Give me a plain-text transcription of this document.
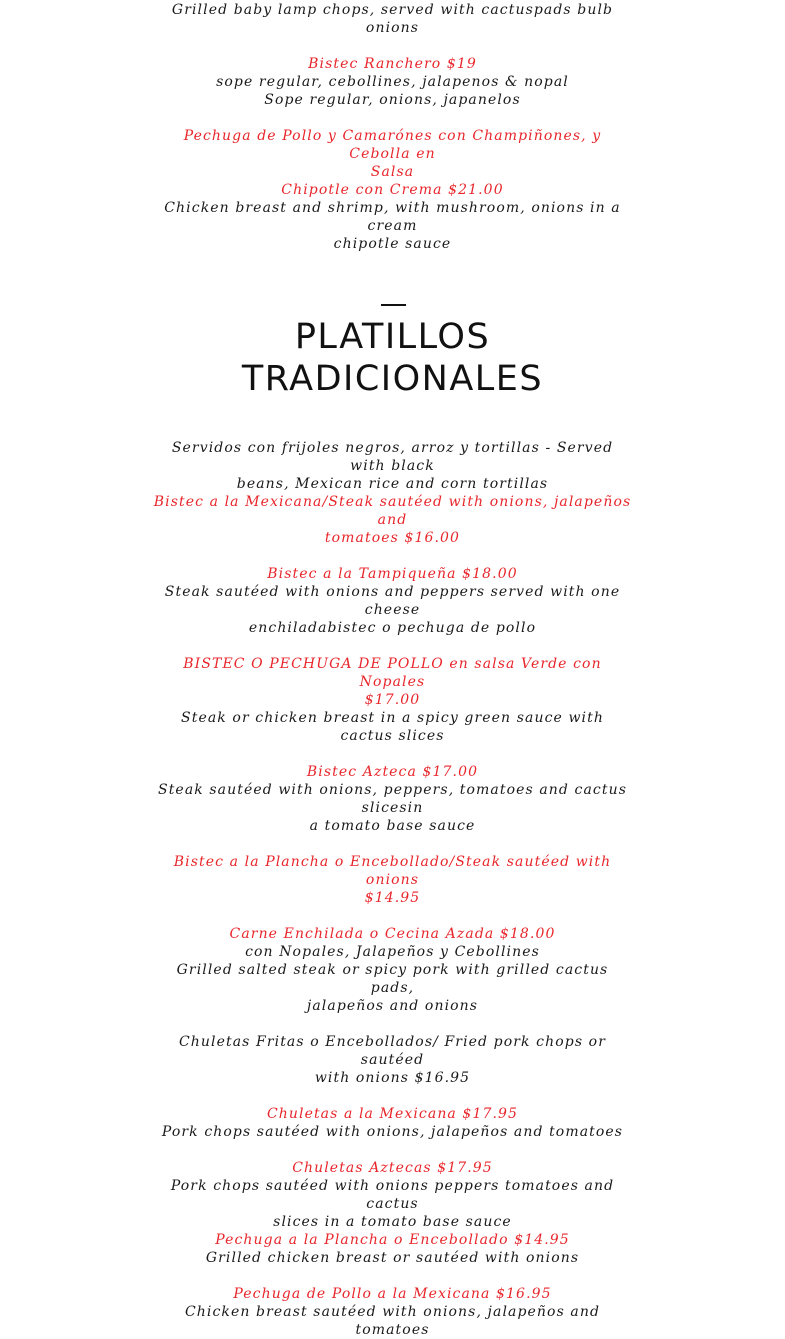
Grilled baby lamp chops, served with cactuspads bulb onions
Bistec Ranchero $19
sope regular, cebollines, jalapenos & nopal
Sope regular, onions, japanelos
Pechuga de Pollo y Camarónes con Champiñones, y Cebolla en
Salsa
Chipotle con Crema $21.00
Chicken breast and shrimp, with mushroom, onions in a cream
chipotle sauce
PLATILLOS
TRADICIONALES
Servidos con frijoles negros, arroz y tortillas - Served with black
beans, Mexican rice and corn tortillas
Bistec a la Mexicana/Steak sautéed with onions, jalapeños and
tomatoes $16.00
Bistec a la Tampiqueña $18.00
Steak sautéed with onions and peppers served with one cheese
enchiladabistec o pechuga de pollo
BISTEC O PECHUGA DE POLLO en salsa Verde con Nopales
$17.00
Steak or chicken breast in a spicy green sauce with cactus slices
Bistec Azteca $17.00
Steak sautéed with onions, peppers, tomatoes and cactus slicesin
a tomato base sauce
Bistec a la Plancha o Encebollado/Steak sautéed with onions
$14.95
Carne Enchilada o Cecina Azada $18.00
con Nopales, Jalapeños y Cebollines
Grilled salted steak or spicy pork with grilled cactus pads,
jalapeños and onions
Chuletas Fritas o Encebollados/ Fried pork chops or sautéed
with onions $16.95
Chuletas a la Mexicana $17.95
Pork chops sautéed with onions, jalapeños and tomatoes
Chuletas Aztecas $17.95
Pork chops sautéed with onions peppers tomatoes and cactus
slices in a tomato base sauce
Pechuga a la Plancha o Encebollado $14.95
Grilled chicken breast or sautéed with onions
Pechuga de Pollo a la Mexicana $16.95
Chicken breast sautéed with onions, jalapeños and tomatoes
